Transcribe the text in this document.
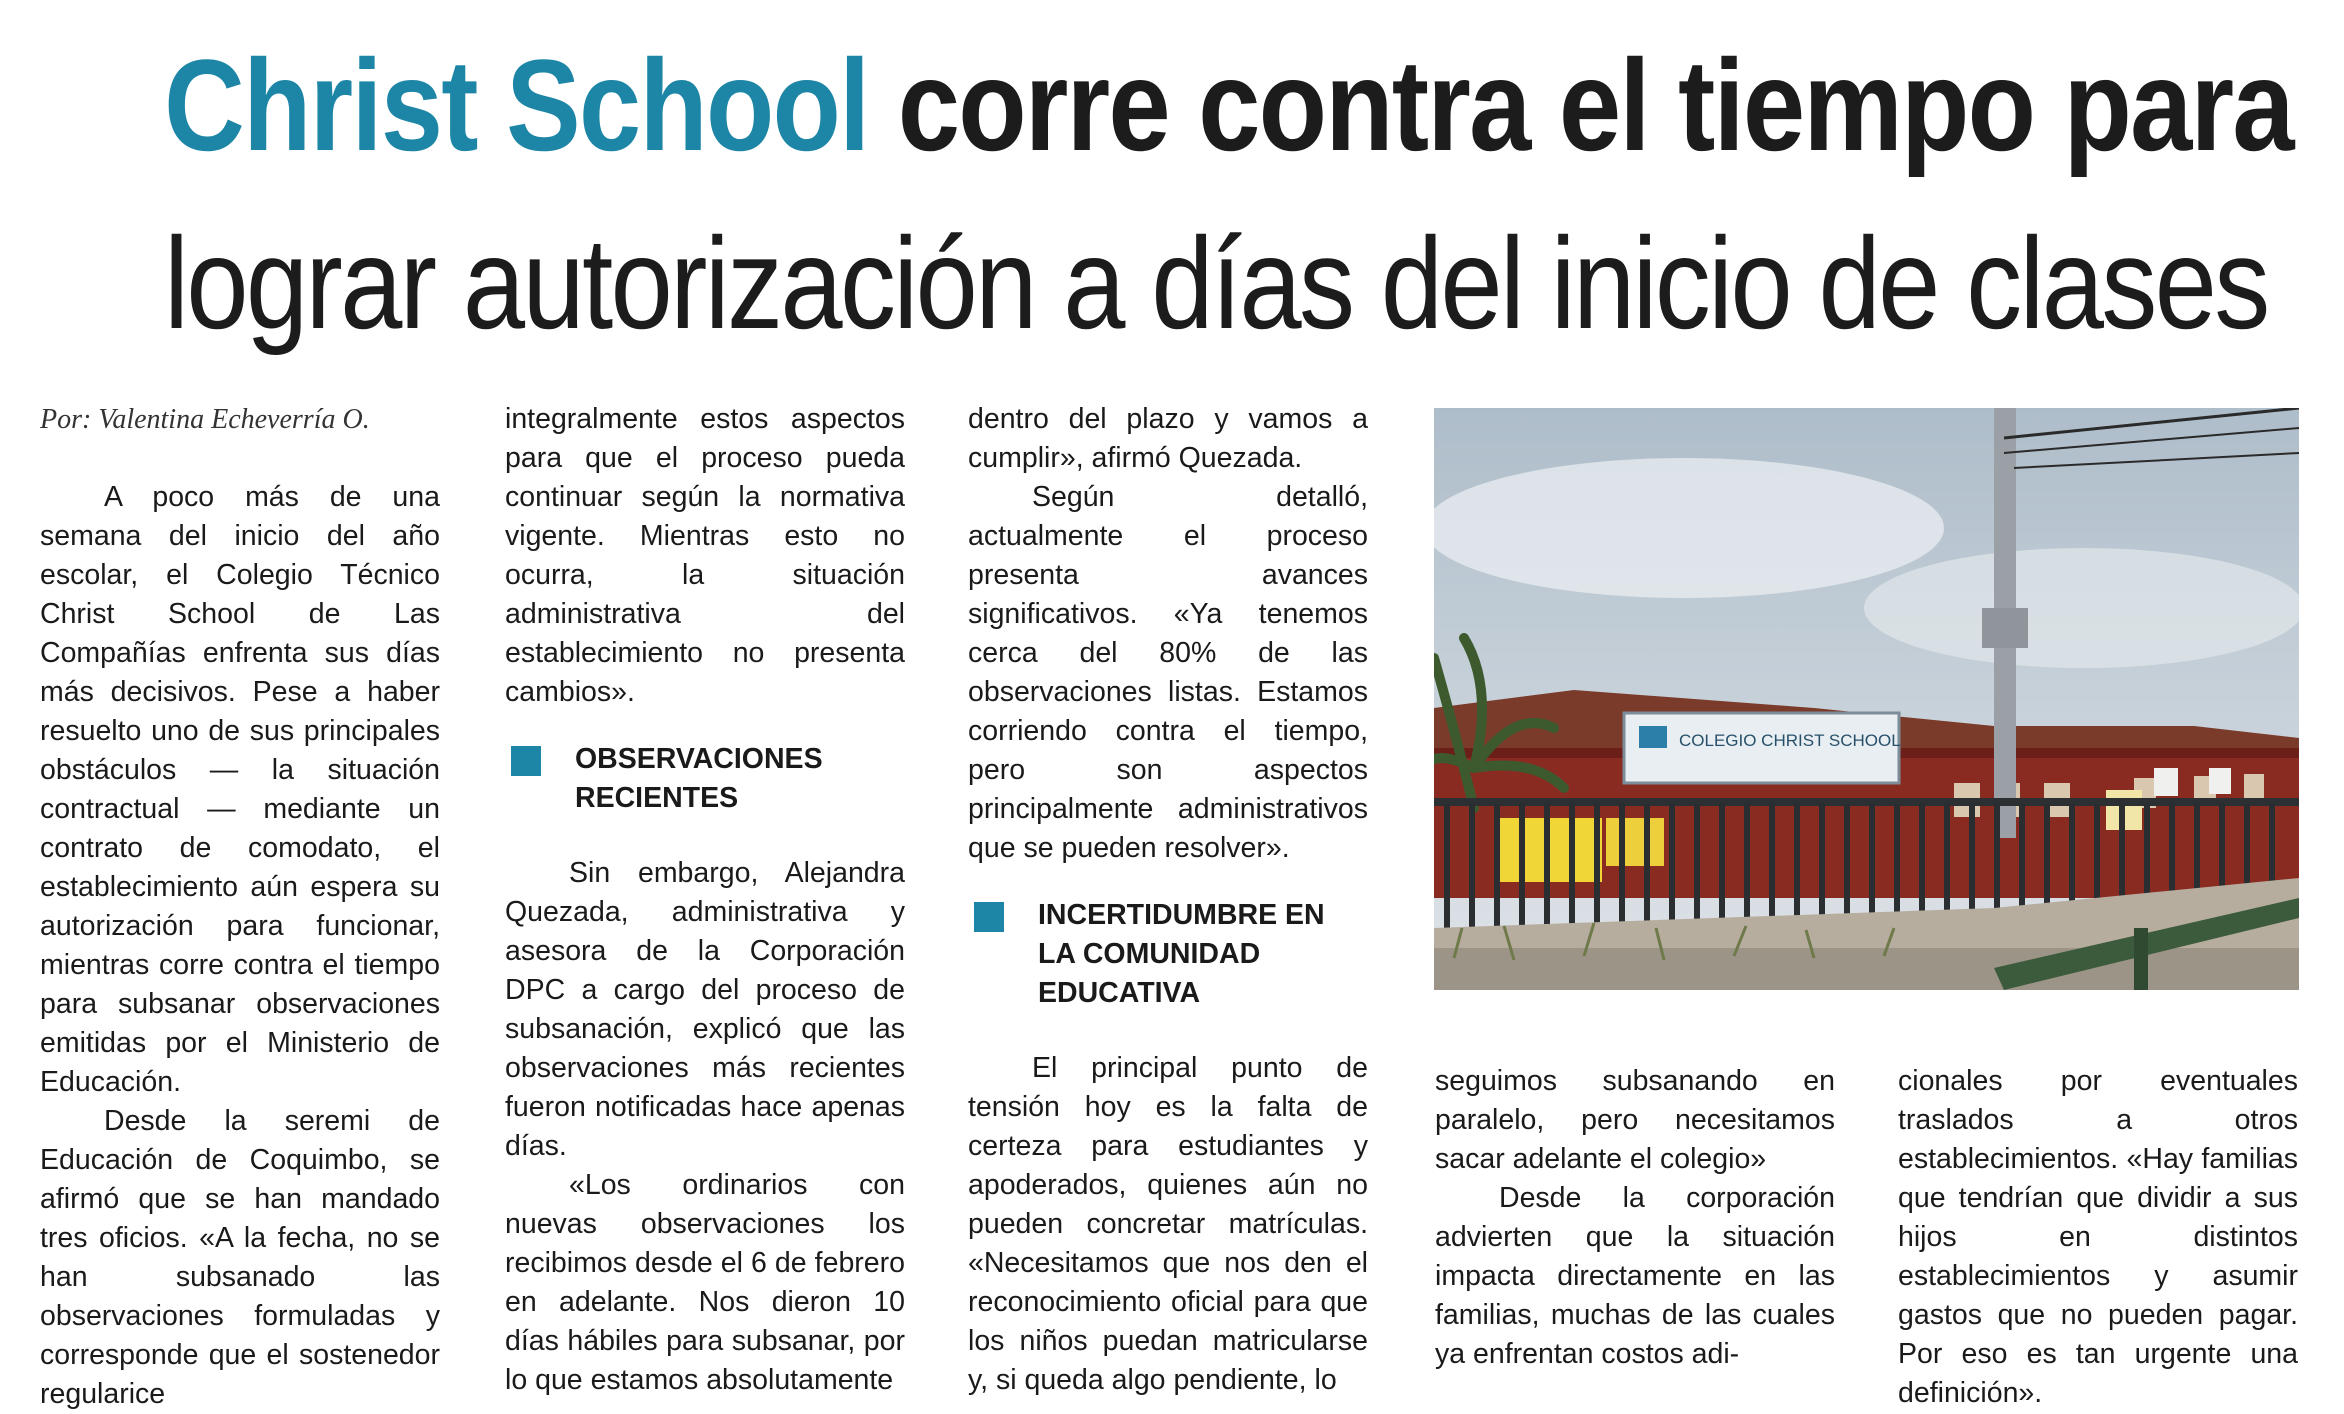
Christ School corre contra el tiempo para
lograr autorización a días del inicio de clases

Por: Valentina Echeverría O.

A poco más de una semana del inicio del año escolar, el Colegio Técnico Christ School de Las Compañías enfrenta sus días más decisivos. Pese a haber resuelto uno de sus principales obstáculos — la situación contractual — mediante un contrato de comodato, el establecimiento aún espera su autorización para funcionar, mientras corre contra el tiempo para subsanar observaciones emitidas por el Ministerio de Educación.

Desde la seremi de Educación de Coquimbo, se afirmó que se han mandado tres oficios. «A la fecha, no se han subsanado las observaciones formuladas y corresponde que el sostenedor regularice

integralmente estos aspectos para que el proceso pueda continuar según la normativa vigente. Mientras esto no ocurra, la situación administrativa del establecimiento no presenta cambios».

OBSERVACIONES RECIENTES

Sin embargo, Alejandra Quezada, administrativa y asesora de la Corporación DPC a cargo del proceso de subsanación, explicó que las observaciones más recientes fueron notificadas hace apenas días.

«Los ordinarios con nuevas observaciones los recibimos desde el 6 de febrero en adelante. Nos dieron 10 días hábiles para subsanar, por lo que estamos absolutamente

dentro del plazo y vamos a cumplir», afirmó Quezada.

Según detalló, actualmente el proceso presenta avances significativos. «Ya tenemos cerca del 80% de las observaciones listas. Estamos corriendo contra el tiempo, pero son aspectos principalmente administrativos que se pueden resolver».

INCERTIDUMBRE EN LA COMUNIDAD EDUCATIVA

El principal punto de tensión hoy es la falta de certeza para estudiantes y apoderados, quienes aún no pueden concretar matrículas. «Necesitamos que nos den el reconocimiento oficial para que los niños puedan matricularse y, si queda algo pendiente, lo

COLEGIO CHRIST SCHOOL

seguimos subsanando en paralelo, pero necesitamos sacar adelante el colegio»

Desde la corporación advierten que la situación impacta directamente en las familias, muchas de las cuales ya enfrentan costos adi-

cionales por eventuales traslados a otros establecimientos. «Hay familias que tendrían que dividir a sus hijos en distintos establecimientos y asumir gastos que no pueden pagar. Por eso es tan urgente una definición».
